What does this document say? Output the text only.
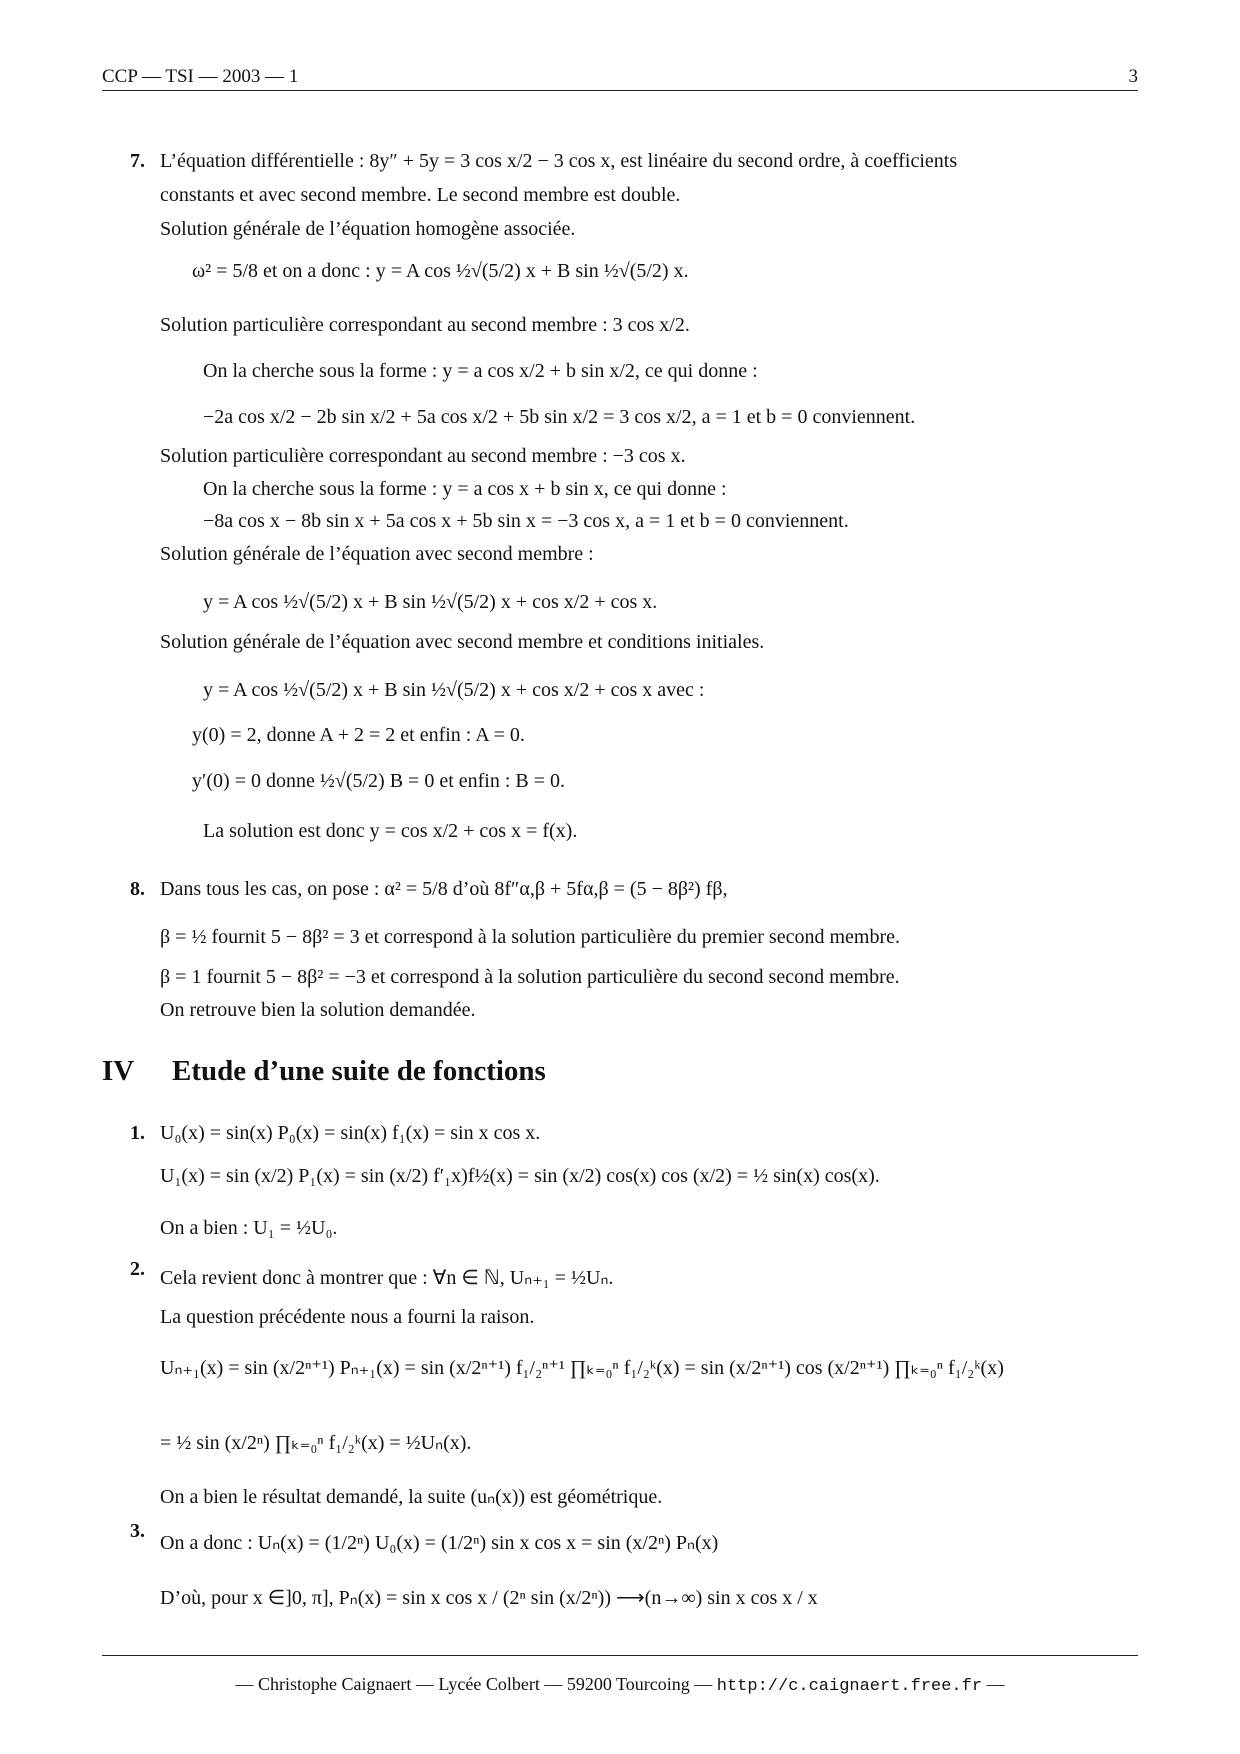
CCP — TSI — 2003 — 1	3
7.
8.
1.
2.
3.
L’équation différentielle : 8y″ + 5y = 3 cos x/2 − 3 cos x, est linéaire du second ordre, à coefficients
constants et avec second membre. Le second membre est double.
Solution générale de l’équation homogène associée.
ω² = 5/8 et on a donc : y = A cos ½√(5/2) x + B sin ½√(5/2) x.
Solution particulière correspondant au second membre : 3 cos x/2.
On la cherche sous la forme : y = a cos x/2 + b sin x/2, ce qui donne :
−2a cos x/2 − 2b sin x/2 + 5a cos x/2 + 5b sin x/2 = 3 cos x/2, a = 1 et b = 0 conviennent.
Solution particulière correspondant au second membre : −3 cos x.
On la cherche sous la forme : y = a cos x + b sin x, ce qui donne :
−8a cos x − 8b sin x + 5a cos x + 5b sin x = −3 cos x, a = 1 et b = 0 conviennent.
Solution générale de l’équation avec second membre :
y = A cos ½√(5/2) x + B sin ½√(5/2) x + cos x/2 + cos x.
Solution générale de l’équation avec second membre et conditions initiales.
y = A cos ½√(5/2) x + B sin ½√(5/2) x + cos x/2 + cos x avec :
y(0) = 2, donne A + 2 = 2 et enfin : A = 0.
y′(0) = 0 donne ½√(5/2) B = 0 et enfin : B = 0.
La solution est donc y = cos x/2 + cos x = f(x).
Dans tous les cas, on pose : α² = 5/8 d’où 8f″α,β + 5fα,β = (5 − 8β²) fβ,
β = ½ fournit 5 − 8β² = 3 et correspond à la solution particulière du premier second membre.
β = 1 fournit 5 − 8β² = −3 et correspond à la solution particulière du second second membre.
On retrouve bien la solution demandée.
U₀(x) = sin(x) P₀(x) = sin(x) f₁(x) = sin x cos x.
U₁(x) = sin (x/2) P₁(x) = sin (x/2) f′₁x)f½(x) = sin (x/2) cos(x) cos (x/2) = ½ sin(x) cos(x).
On a bien : U₁ = ½U₀.
Cela revient donc à montrer que : ∀n ∈ ℕ, Uₙ₊₁ = ½Uₙ.
La question précédente nous a fourni la raison.
Uₙ₊₁(x) = sin (x/2ⁿ⁺¹) Pₙ₊₁(x) = sin (x/2ⁿ⁺¹) f₁/₂ⁿ⁺¹ ∏ₖ₌₀ⁿ f₁/₂ᵏ(x) = sin (x/2ⁿ⁺¹) cos (x/2ⁿ⁺¹) ∏ₖ₌₀ⁿ f₁/₂ᵏ(x)
= ½ sin (x/2ⁿ) ∏ₖ₌₀ⁿ f₁/₂ᵏ(x) = ½Uₙ(x).
On a bien le résultat demandé, la suite (uₙ(x)) est géométrique.
On a donc : Uₙ(x) = (1/2ⁿ) U₀(x) = (1/2ⁿ) sin x cos x = sin (x/2ⁿ) Pₙ(x)
D’où, pour x ∈]0, π], Pₙ(x) = sin x cos x / (2ⁿ sin (x/2ⁿ)) ⟶(n→∞) sin x cos x / x
IV Etude d’une suite de fonctions
— Christophe Caignaert — Lycée Colbert — 59200 Tourcoing — http://c.caignaert.free.fr —
